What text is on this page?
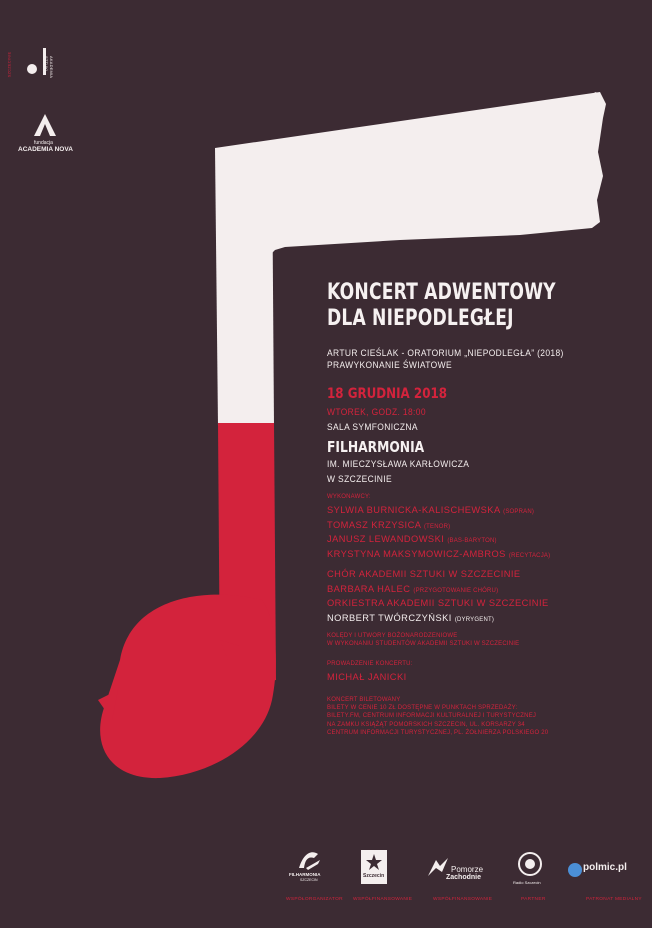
SZCZECINIE	AKADEMIA SZTUKI
fundacja
ACADEMIA NOVA
KONCERT ADWENTOWY
DLA NIEPODLEGŁEJ
ARTUR CIEŚLAK - ORATORIUM „NIEPODLEGŁA” (2018)
PRAWYKONANIE ŚWIATOWE
18 GRUDNIA 2018
WTOREK, GODZ. 18:00
SALA SYMFONICZNA
FILHARMONIA
IM. MIECZYSŁAWA KARŁOWICZA
W SZCZECINIE
WYKONAWCY:
SYLWIA BURNICKA-KALISCHEWSKA (SOPRAN)
TOMASZ KRZYSICA (TENOR)
JANUSZ LEWANDOWSKI (BAS-BARYTON)
KRYSTYNA MAKSYMOWICZ-AMBROS (RECYTACJA)
CHÓR AKADEMII SZTUKI W SZCZECINIE
BARBARA HALEC (PRZYGOTOWANIE CHÓRU)
ORKIESTRA AKADEMII SZTUKI W SZCZECINIE
NORBERT TWÓRCZYŃSKI (DYRYGENT)
KOLĘDY I UTWORY BOŻONARODZENIOWE
W WYKONANIU STUDENTÓW AKADEMII SZTUKI W SZCZECINIE
PROWADZENIE KONCERTU:
MICHAŁ JANICKI
KONCERT BILETOWANY
BILETY W CENIE 10 ZŁ DOSTĘPNE W PUNKTACH SPRZEDAŻY:
BILETY.FM, CENTRUM INFORMACJI KULTURALNEJ I TURYSTYCZNEJ
NA ZAMKU KSIĄŻĄT POMORSKICH SZCZECIN, UL. KORSARZY 34
CENTRUM INFORMACJI TURYSTYCZNEJ, PL. ŻOŁNIERZA POLSKIEGO 20
FILHARMONIA
SZCZECIN
WSPÓŁORGANIZATOR
Szczecin
WSPÓŁFINANSOWANIE
Pomorze
Zachodnie
WSPÓŁFINANSOWANIE
Radio Szczecin
PARTNER
polmic.pl
PATRONAT MEDIALNY
